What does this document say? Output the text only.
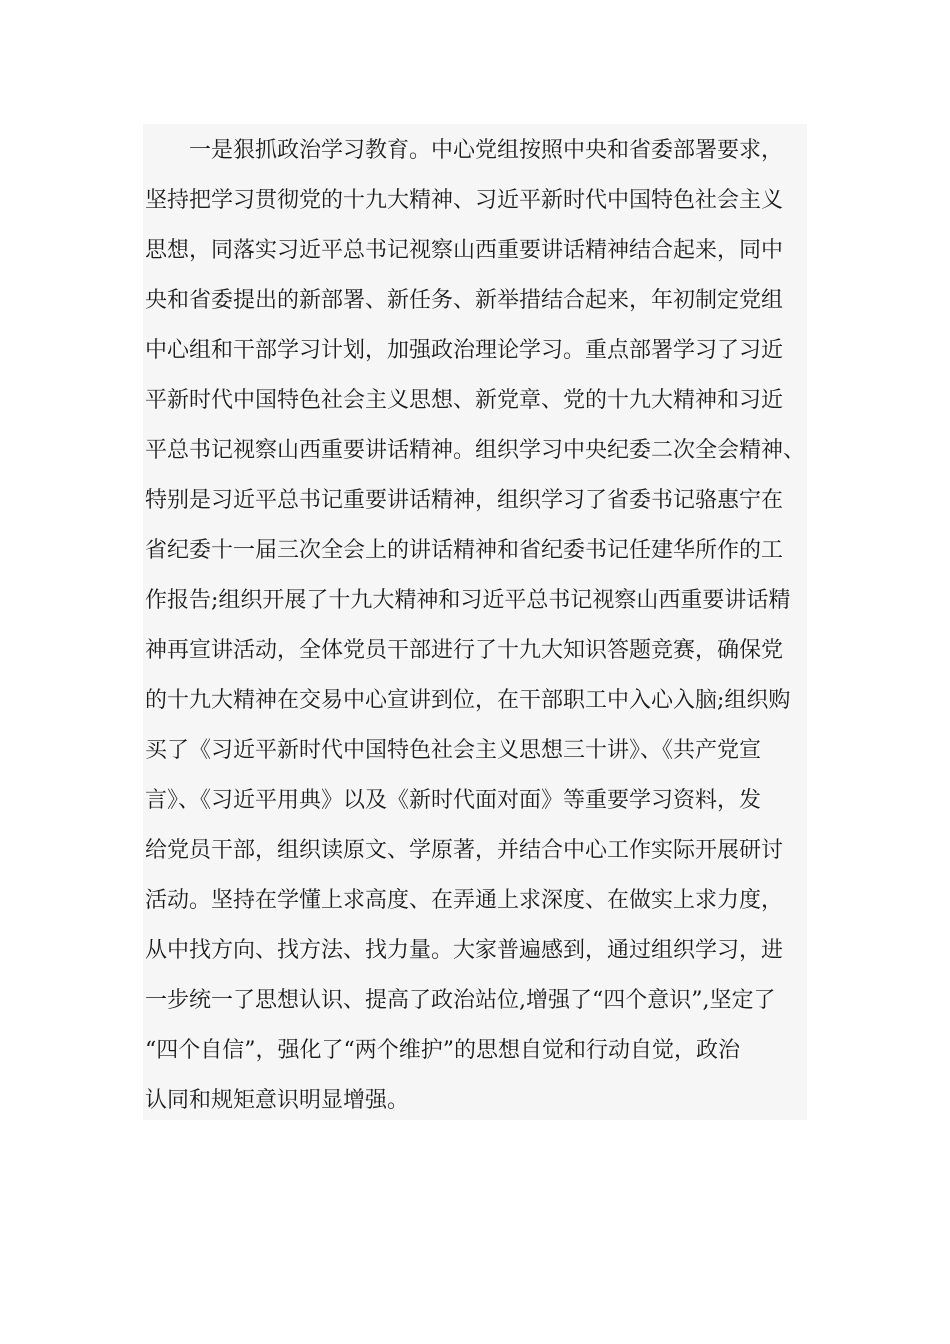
一是狠抓政治学习教育。中心党组按照中央和省委部署要求，
坚持把学习贯彻党的十九大精神、习近平新时代中国特色社会主义
思想，同落实习近平总书记视察山西重要讲话精神结合起来，同中
央和省委提出的新部署、新任务、新举措结合起来，年初制定党组
中心组和干部学习计划，加强政治理论学习。重点部署学习了习近
平新时代中国特色社会主义思想、新党章、党的十九大精神和习近
平总书记视察山西重要讲话精神。组织学习中央纪委二次全会精神、
特别是习近平总书记重要讲话精神，组织学习了省委书记骆惠宁在
省纪委十一届三次全会上的讲话精神和省纪委书记任建华所作的工
作报告;组织开展了十九大精神和习近平总书记视察山西重要讲话精
神再宣讲活动，全体党员干部进行了十九大知识答题竞赛，确保党
的十九大精神在交易中心宣讲到位，在干部职工中入心入脑;组织购
买了《习近平新时代中国特色社会主义思想三十讲》、《共产党宣
言》、《习近平用典》以及《新时代面对面》等重要学习资料，发
给党员干部，组织读原文、学原著，并结合中心工作实际开展研讨
活动。坚持在学懂上求高度、在弄通上求深度、在做实上求力度，
从中找方向、找方法、找力量。大家普遍感到，通过组织学习，进
一步统一了思想认识、提高了政治站位,增强了“四个意识”,坚定了
“四个自信”，强化了“两个维护”的思想自觉和行动自觉，政治
认同和规矩意识明显增强。
